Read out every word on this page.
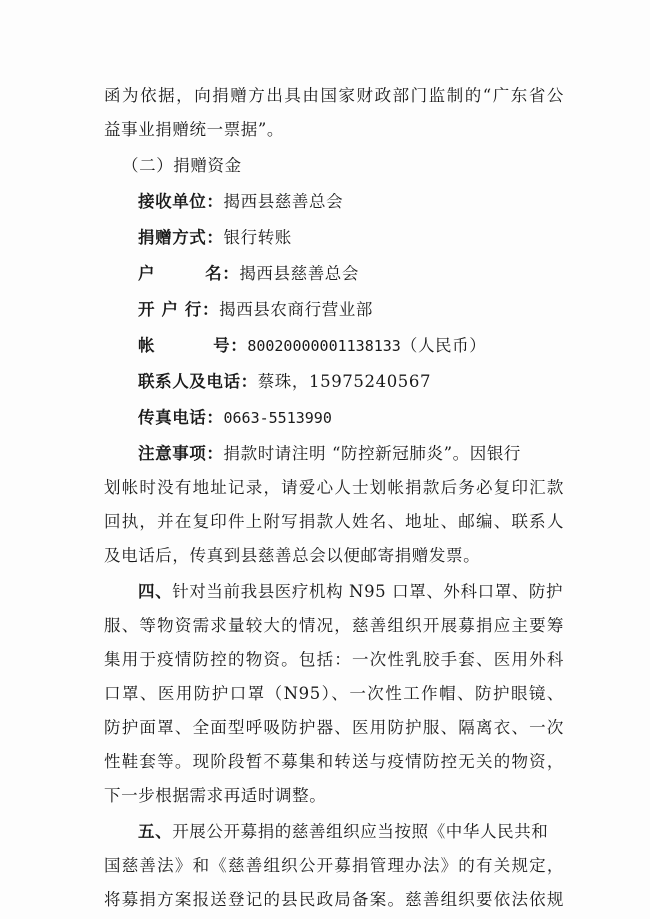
函为依据，向捐赠方出具由国家财政部门监制的“广东省公
益事业捐赠统一票据”。
（二）捐赠资金
接收单位：揭西县慈善总会
捐赠方式：银行转账
户	名：揭西县慈善总会
开 户 行：揭西县农商行营业部
帐	号：80020000001138133（人民币）
联系人及电话：蔡珠，15975240567
传真电话：0663-5513990
注意事项：捐款时请注明 “防控新冠肺炎”。因银行
划帐时没有地址记录，请爱心人士划帐捐款后务必复印汇款
回执，并在复印件上附写捐款人姓名、地址、邮编、联系人
及电话后，传真到县慈善总会以便邮寄捐赠发票。
四、针对当前我县医疗机构 N95 口罩、外科口罩、防护
服、等物资需求量较大的情况，慈善组织开展募捐应主要筹
集用于疫情防控的物资。包括：一次性乳胶手套、医用外科
口罩、医用防护口罩（N95）、一次性工作帽、防护眼镜、
防护面罩、全面型呼吸防护器、医用防护服、隔离衣、一次
性鞋套等。现阶段暂不募集和转送与疫情防控无关的物资，
下一步根据需求再适时调整。
五、开展公开募捐的慈善组织应当按照《中华人民共和
国慈善法》和《慈善组织公开募捐管理办法》的有关规定，
将募捐方案报送登记的县民政局备案。慈善组织要依法依规
